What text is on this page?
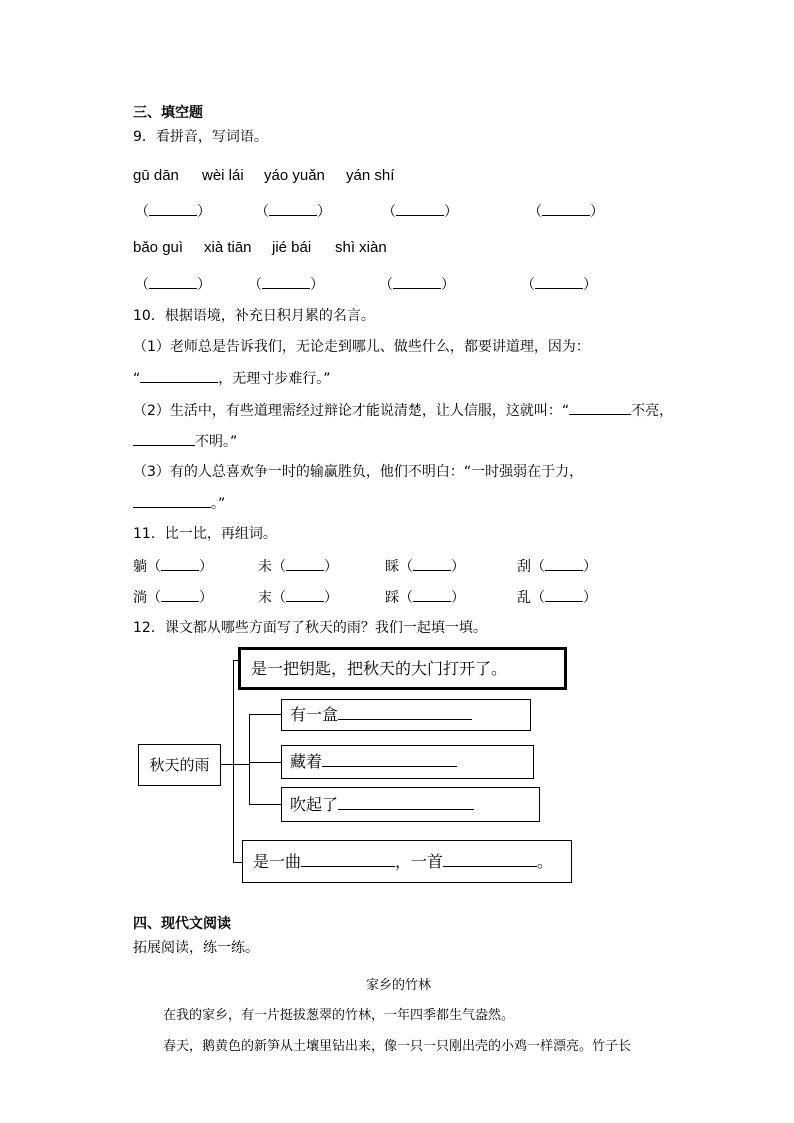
三、填空题
9．看拼音，写词语。
gū dān wèi lái yáo yuǎn yán shí
（	）	（	）	（	）	（	）
bǎo guì xià tiān jié bái shì xiàn
（	）	（	）	（	）	（	）
10．根据语境，补充日积月累的名言。
（1）老师总是告诉我们，无论走到哪儿、做些什么，都要讲道理，因为：
“	，无理寸步难行。”
（2）生活中，有些道理需经过辩论才能说清楚，让人信服，这就叫：“	不亮，
不明。”
（3）有的人总喜欢争一时的输赢胜负，他们不明白：“一时强弱在于力，
。”
11．比一比，再组词。
躺（	）	未（	）	睬（	）	刮（	）
淌（	）	末（	）	踩（	）	乱（	）
12．课文都从哪些方面写了秋天的雨？我们一起填一填。
秋天的雨
是一把钥匙，把秋天的大门打开了。
有一盒
藏着
吹起了
是一曲	，一首	。
四、现代文阅读
拓展阅读，练一练。
家乡的竹林
在我的家乡，有一片挺拔葱翠的竹林，一年四季都生气盎然。
春天，鹅黄色的新笋从土壤里钻出来，像一只一只刚出壳的小鸡一样漂亮。竹子长
